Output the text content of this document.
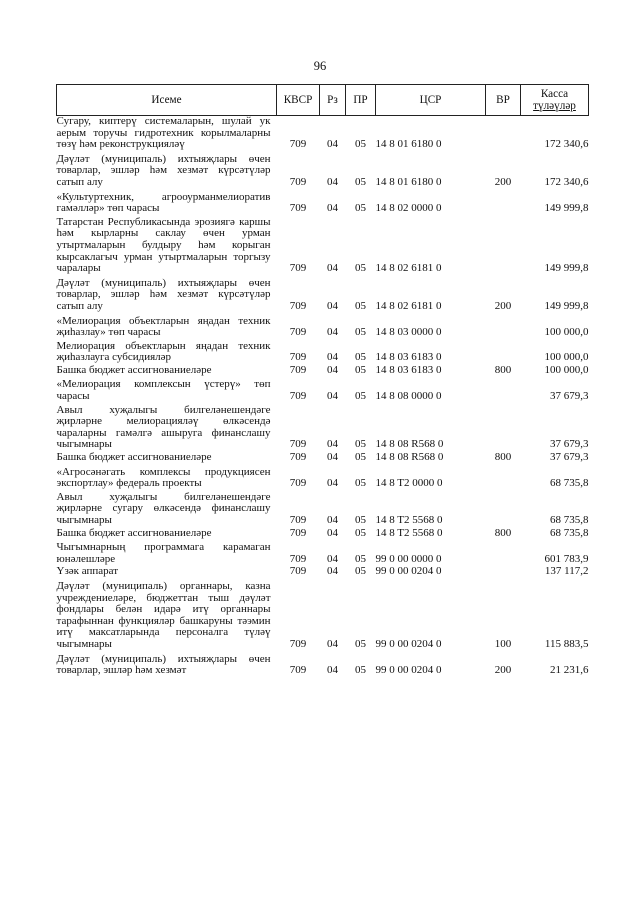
96
Исеме	КВСР	Рз	ПР	ЦСР	ВР	Касса
түләүләр

Сугару, киптерү системаларын, шулай ук аерым торучы гидротехник корылмаларны төзү һәм реконструкцияләү	709	04	05	14 8 01 6180 0		172 340,6
Дәүләт (муниципаль) ихтыяҗлары өчен товарлар, эшләр һәм хезмәт күрсәтүләр сатып алу	709	04	05	14 8 01 6180 0	200	172 340,6
«Культуртехник, агрооурманмелиоратив гамәлләр» төп чарасы	709	04	05	14 8 02 0000 0		149 999,8
Татарстан Республикасында эрозиягә каршы һәм кырларны саклау өчен урман утыртмаларын булдыру һәм корыган кырсаклагыч урман утыртмаларын торгызу чаралары	709	04	05	14 8 02 6181 0		149 999,8
Дәүләт (муниципаль) ихтыяҗлары өчен товарлар, эшләр һәм хезмәт күрсәтүләр сатып алу	709	04	05	14 8 02 6181 0	200	149 999,8
«Мелиорация объектларын яңадан техник җиһазлау» төп чарасы	709	04	05	14 8 03 0000 0		100 000,0
Мелиорация объектларын яңадан техник җиһазлауга субсидияләр	709	04	05	14 8 03 6183 0		100 000,0
Башка бюджет ассигнованиеләре	709	04	05	14 8 03 6183 0	800	100 000,0
«Мелиорация комплексын үстерү» төп чарасы	709	04	05	14 8 08 0000 0		37 679,3
Авыл хуҗалыгы билгеләнешендәге җирләрне мелиорацияләү өлкәсендә чараларны гамәлгә ашыруга финанслашу чыгымнары	709	04	05	14 8 08 R568 0		37 679,3
Башка бюджет ассигнованиеләре	709	04	05	14 8 08 R568 0	800	37 679,3
«Агросәнәгать комплексы продукциясен экспортлау» федераль проекты	709	04	05	14 8 T2 0000 0		68 735,8
Авыл хуҗалыгы билгеләнешендәге җирләрне сугару өлкәсендә финанслашу чыгымнары	709	04	05	14 8 T2 5568 0		68 735,8
Башка бюджет ассигнованиеләре	709	04	05	14 8 T2 5568 0	800	68 735,8
Чыгымнарның программага карамаган юнәлешләре	709	04	05	99 0 00 0000 0		601 783,9
Үзәк аппарат	709	04	05	99 0 00 0204 0		137 117,2
Дәүләт (муниципаль) органнары, казна учреждениеләре, бюджеттан тыш дәүләт фондлары белән идарә итү органнары тарафыннан функцияләр башкаруны тәэмин итү максатларында персоналга түләү чыгымнары	709	04	05	99 0 00 0204 0	100	115 883,5
Дәүләт (муниципаль) ихтыяҗлары өчен товарлар, эшләр һәм хезмәт	709	04	05	99 0 00 0204 0	200	21 231,6
